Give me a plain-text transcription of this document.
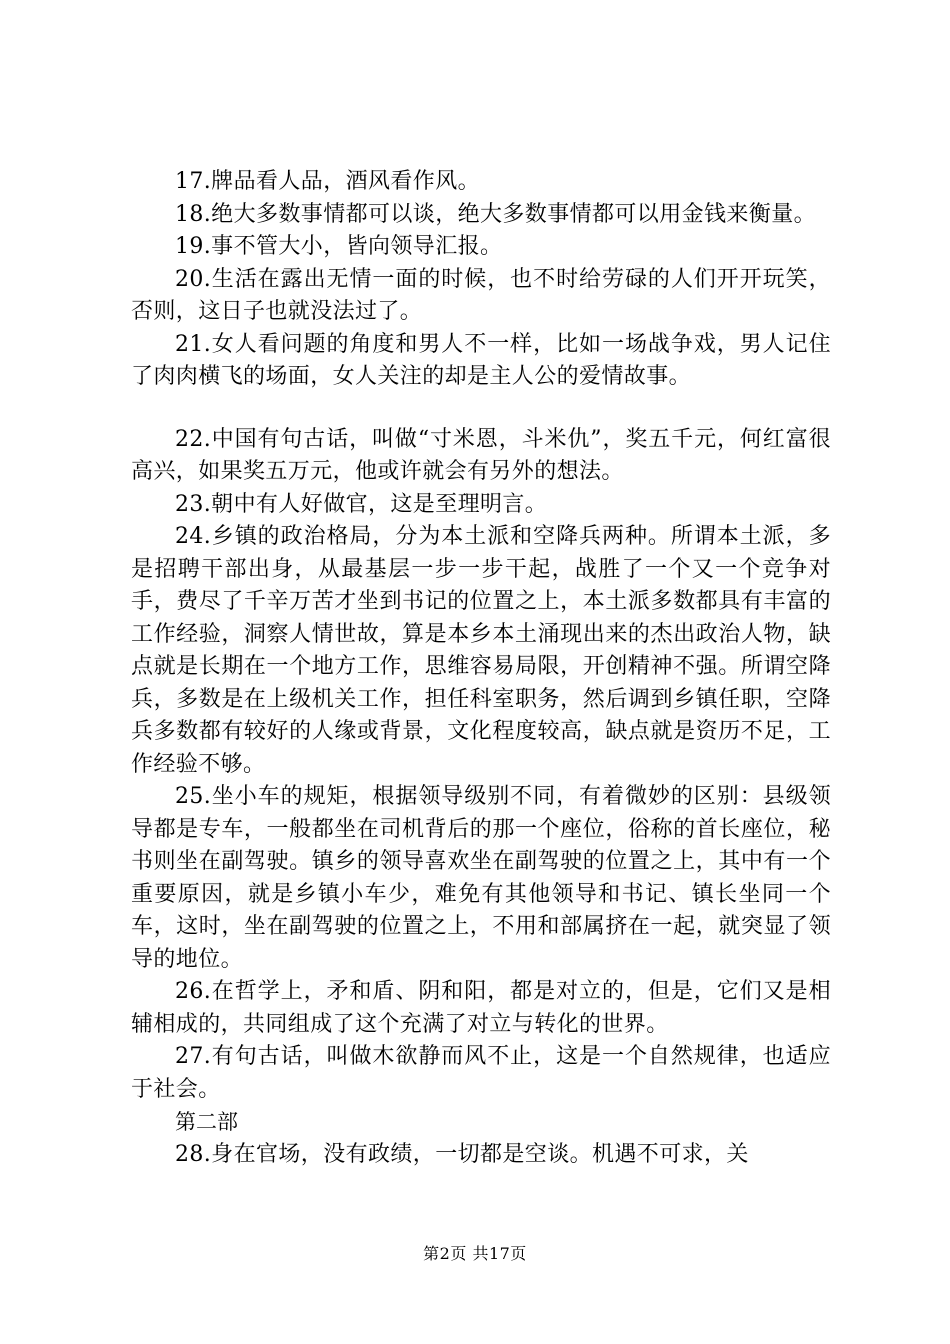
17.牌品看人品，酒风看作风。

18.绝大多数事情都可以谈，绝大多数事情都可以用金钱来衡量。

19.事不管大小，皆向领导汇报。

20.生活在露出无情一面的时候，也不时给劳碌的人们开开玩笑，否则，这日子也就没法过了。

21.女人看问题的角度和男人不一样，比如一场战争戏，男人记住了肉肉横飞的场面，女人关注的却是主人公的爱情故事。

22.中国有句古话，叫做“寸米恩，斗米仇”，奖五千元，何红富很高兴，如果奖五万元，他或许就会有另外的想法。

23.朝中有人好做官，这是至理明言。

24.乡镇的政治格局，分为本土派和空降兵两种。所谓本土派，多是招聘干部出身，从最基层一步一步干起，战胜了一个又一个竞争对手，费尽了千辛万苦才坐到书记的位置之上，本土派多数都具有丰富的工作经验，洞察人情世故，算是本乡本土涌现出来的杰出政治人物，缺点就是长期在一个地方工作，思维容易局限，开创精神不强。所谓空降兵，多数是在上级机关工作，担任科室职务，然后调到乡镇任职，空降兵多数都有较好的人缘或背景，文化程度较高，缺点就是资历不足，工作经验不够。

25.坐小车的规矩，根据领导级别不同，有着微妙的区别：县级领导都是专车，一般都坐在司机背后的那一个座位，俗称的首长座位，秘书则坐在副驾驶。镇乡的领导喜欢坐在副驾驶的位置之上，其中有一个重要原因，就是乡镇小车少，难免有其他领导和书记、镇长坐同一个车，这时，坐在副驾驶的位置之上，不用和部属挤在一起，就突显了领导的地位。

26.在哲学上，矛和盾、阴和阳，都是对立的，但是，它们又是相辅相成的，共同组成了这个充满了对立与转化的世界。

27.有句古话，叫做木欲静而风不止，这是一个自然规律，也适应于社会。

第二部

28.身在官场，没有政绩，一切都是空谈。机遇不可求，关

第2页 共17页
